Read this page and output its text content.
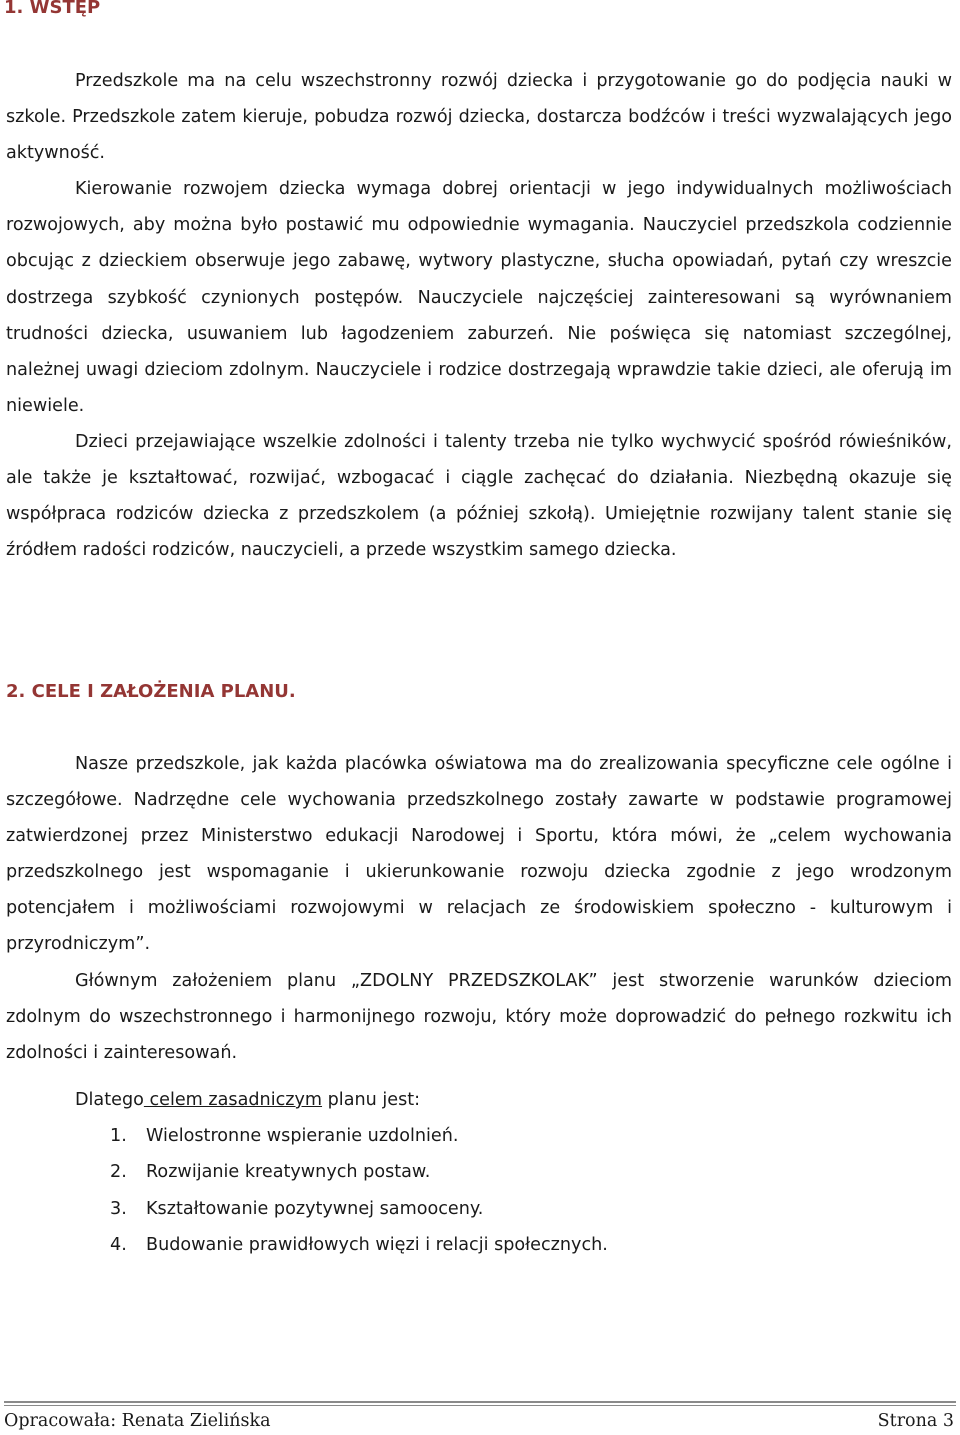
1. WSTĘP

Przedszkole ma na celu wszechstronny rozwój dziecka i przygotowanie go do podjęcia nauki w szkole. Przedszkole zatem kieruje, pobudza rozwój dziecka, dostarcza bodźców i treści wyzwalających jego aktywność.

Kierowanie rozwojem dziecka wymaga dobrej orientacji w jego indywidualnych możliwościach rozwojowych, aby można było postawić mu odpowiednie wymagania. Nauczyciel przedszkola codziennie obcując z dzieckiem obserwuje jego zabawę, wytwory plastyczne, słucha opowiadań, pytań czy wreszcie dostrzega szybkość czynionych postępów. Nauczyciele najczęściej zainteresowani są wyrównaniem trudności dziecka, usuwaniem lub łagodzeniem zaburzeń. Nie poświęca się natomiast szczególnej, należnej uwagi dzieciom zdolnym. Nauczyciele i rodzice dostrzegają wprawdzie takie dzieci, ale oferują im niewiele.

Dzieci przejawiające wszelkie zdolności i talenty trzeba nie tylko wychwycić spośród rówieśników, ale także je kształtować, rozwijać, wzbogacać i ciągle zachęcać do działania. Niezbędną okazuje się współpraca rodziców dziecka z przedszkolem (a później szkołą). Umiejętnie rozwijany talent stanie się źródłem radości rodziców, nauczycieli, a przede wszystkim samego dziecka.

2. CELE I ZAŁOŻENIA PLANU.

Nasze przedszkole, jak każda placówka oświatowa ma do zrealizowania specyficzne cele ogólne i szczegółowe. Nadrzędne cele wychowania przedszkolnego zostały zawarte w podstawie programowej zatwierdzonej przez Ministerstwo edukacji Narodowej i Sportu, która mówi, że „celem wychowania przedszkolnego jest wspomaganie i ukierunkowanie rozwoju dziecka zgodnie z jego wrodzonym potencjałem i możliwościami rozwojowymi w relacjach ze środowiskiem społeczno - kulturowym i przyrodniczym”.

Głównym założeniem planu „ZDOLNY PRZEDSZKOLAK” jest stworzenie warunków dzieciom zdolnym do wszechstronnego i harmonijnego rozwoju, który może doprowadzić do pełnego rozkwitu ich zdolności i zainteresowań.

Dlatego celem zasadniczym planu jest:
1.	Wielostronne wspieranie uzdolnień.
2.	Rozwijanie kreatywnych postaw.
3.	Kształtowanie pozytywnej samooceny.
4.	Budowanie prawidłowych więzi i relacji społecznych.
Opracowała: Renata Zielińska	Strona 3
